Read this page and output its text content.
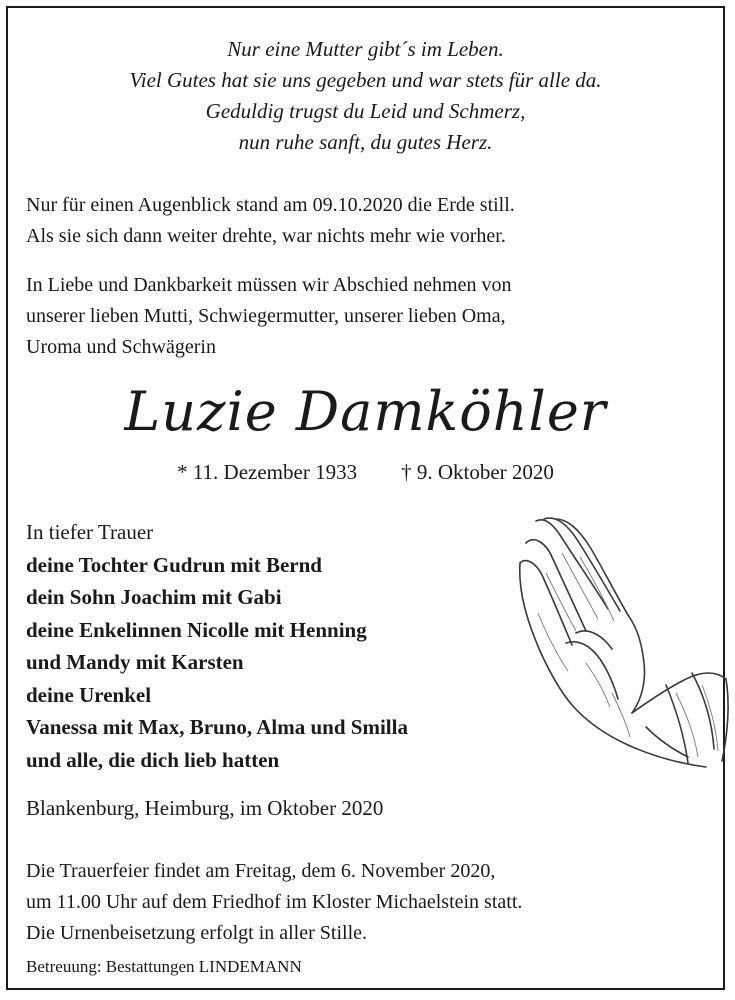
Nur eine Mutter gibt´s im Leben.
Viel Gutes hat sie uns gegeben und war stets für alle da.
Geduldig trugst du Leid und Schmerz,
nun ruhe sanft, du gutes Herz.
Nur für einen Augenblick stand am 09.10.2020 die Erde still.
Als sie sich dann weiter drehte, war nichts mehr wie vorher.
In Liebe und Dankbarkeit müssen wir Abschied nehmen von
unserer lieben Mutti, Schwiegermutter, unserer lieben Oma,
Uroma und Schwägerin
Luzie Damköhler
* 11. Dezember 1933 † 9. Oktober 2020
In tiefer Trauer
deine Tochter Gudrun mit Bernd
dein Sohn Joachim mit Gabi
deine Enkelinnen Nicolle mit Henning
und Mandy mit Karsten
deine Urenkel
Vanessa mit Max, Bruno, Alma und Smilla
und alle, die dich lieb hatten
Blankenburg, Heimburg, im Oktober 2020
Die Trauerfeier findet am Freitag, dem 6. November 2020,
um 11.00 Uhr auf dem Friedhof im Kloster Michaelstein statt.
Die Urnenbeisetzung erfolgt in aller Stille.
Betreuung: Bestattungen LINDEMANN
